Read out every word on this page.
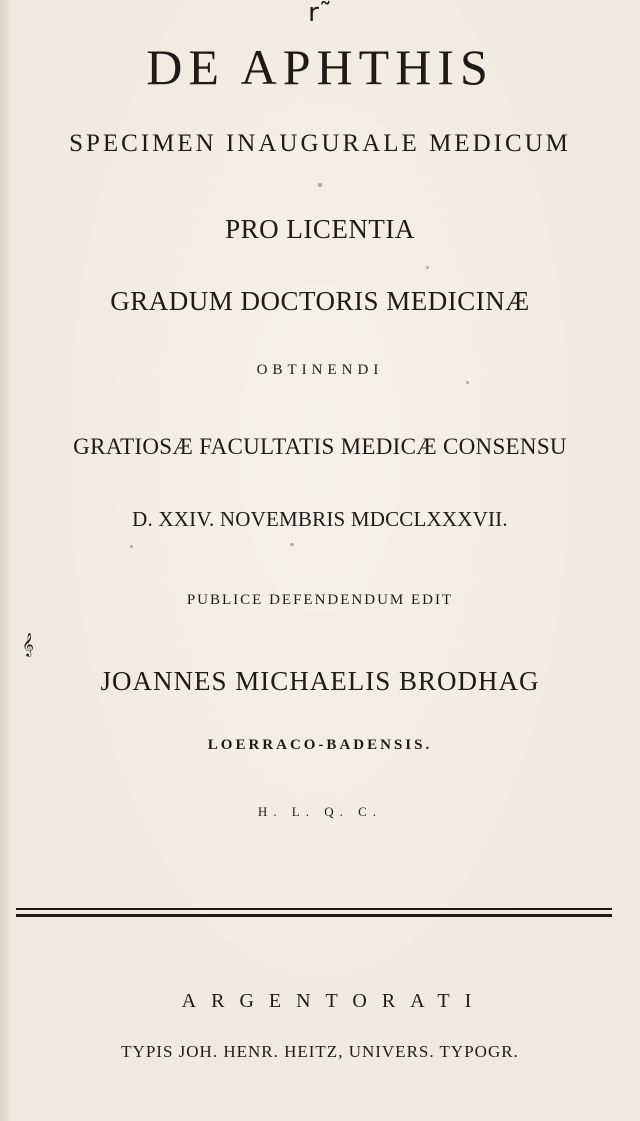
r˜
DE APHTHIS
SPECIMEN INAUGURALE MEDICUM
PRO LICENTIA
GRADUM DOCTORIS MEDICINÆ
OBTINENDI
GRATIOSÆ FACULTATIS MEDICÆ CONSENSU
D. XXIV. NOVEMBRIS MDCCLXXXVII.
PUBLICE DEFENDENDUM EDIT
𝄞
JOANNES MICHAELIS BRODHAG
LOERRACO-BADENSIS.
H. L. Q. C.
ARGENTORATI
TYPIS JOH. HENR. HEITZ, UNIVERS. TYPOGR.
